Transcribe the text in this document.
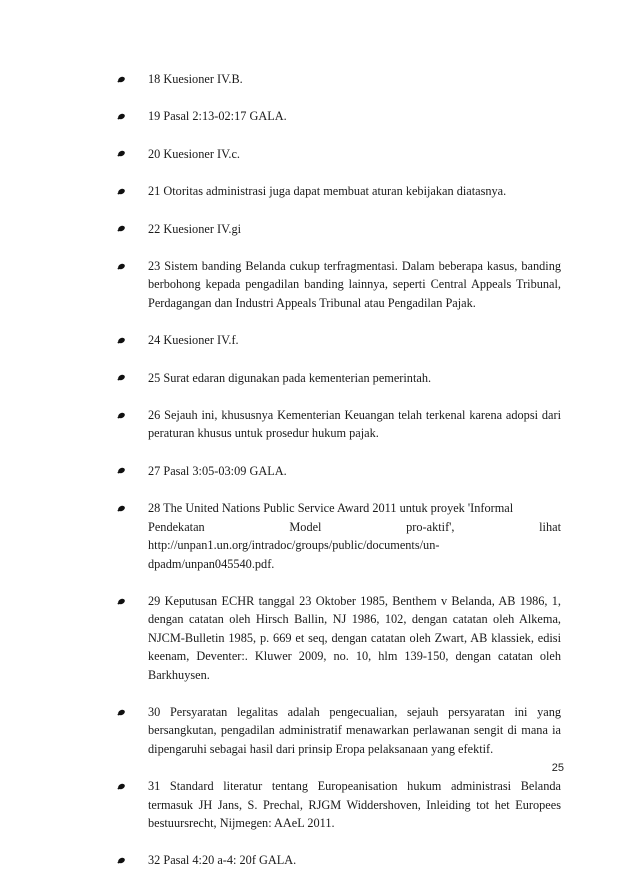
18 Kuesioner IV.B.
19 Pasal 2:13-02:17 GALA.
20 Kuesioner IV.c.
21 Otoritas administrasi juga dapat membuat aturan kebijakan diatasnya.
22 Kuesioner IV.gi
23 Sistem banding Belanda cukup terfragmentasi. Dalam beberapa kasus, banding berbohong kepada pengadilan banding lainnya, seperti Central Appeals Tribunal, Perdagangan dan Industri Appeals Tribunal atau Pengadilan Pajak.
24 Kuesioner IV.f.
25 Surat edaran digunakan pada kementerian pemerintah.
26 Sejauh ini, khususnya Kementerian Keuangan telah terkenal karena adopsi dari peraturan khusus untuk prosedur hukum pajak.
27 Pasal 3:05-03:09 GALA.
28 The United Nations Public Service Award 2011 untuk proyek 'Informal
Pendekatan	Model	pro-aktif',	lihat
http://unpan1.un.org/intradoc/groups/public/documents/un-
dpadm/unpan045540.pdf.
29 Keputusan ECHR tanggal 23 Oktober 1985, Benthem v Belanda, AB 1986, 1, dengan catatan oleh Hirsch Ballin, NJ 1986, 102, dengan catatan oleh Alkema, NJCM-Bulletin 1985, p. 669 et seq, dengan catatan oleh Zwart, AB klassiek, edisi keenam, Deventer:. Kluwer 2009, no. 10, hlm 139-150, dengan catatan oleh Barkhuysen.
30 Persyaratan legalitas adalah pengecualian, sejauh persyaratan ini yang bersangkutan, pengadilan administratif menawarkan perlawanan sengit di mana ia dipengaruhi sebagai hasil dari prinsip Eropa pelaksanaan yang efektif.
31 Standard literatur tentang Europeanisation hukum administrasi Belanda termasuk JH Jans, S. Prechal, RJGM Widdershoven, Inleiding tot het Europees bestuursrecht, Nijmegen: AAeL 2011.
32 Pasal 4:20 a-4: 20f GALA.
25
